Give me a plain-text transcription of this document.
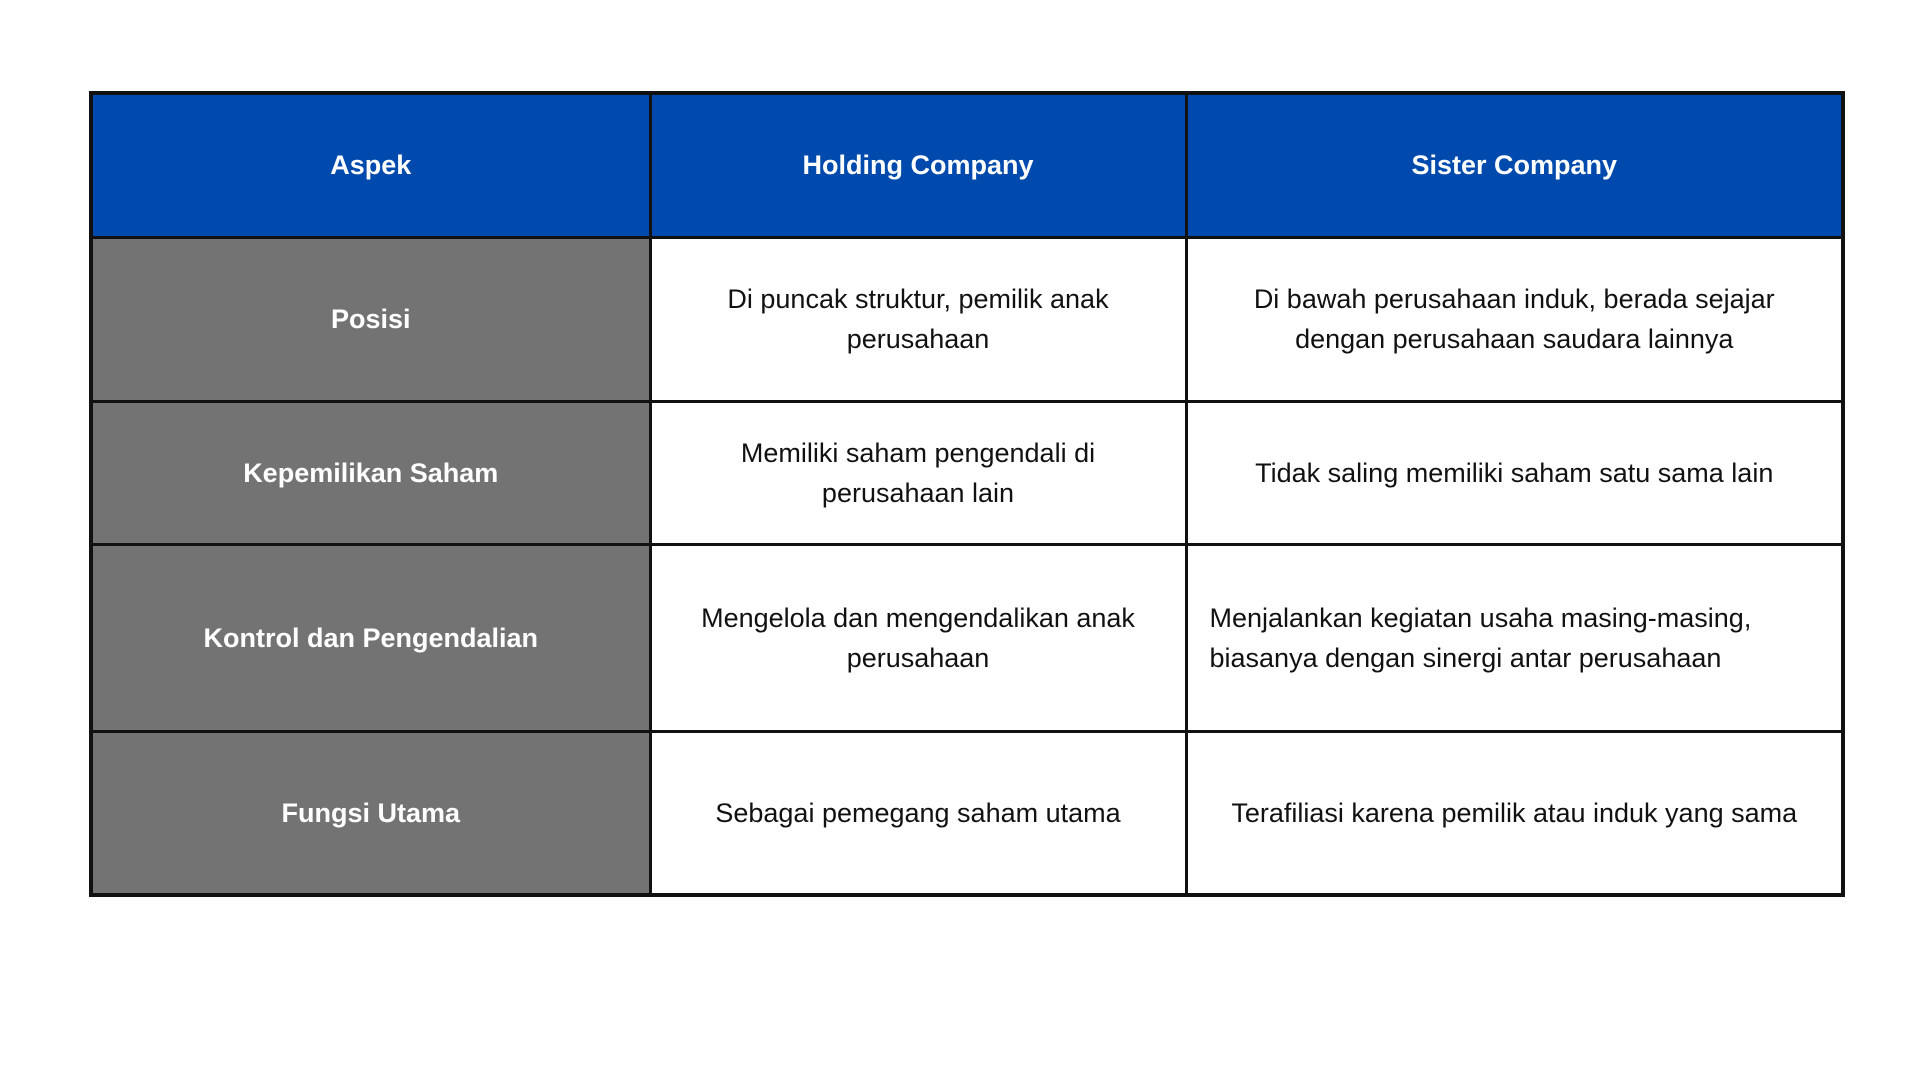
Aspek	Holding Company	Sister Company
Posisi	Di puncak struktur, pemilik anak perusahaan	Di bawah perusahaan induk, berada sejajar dengan perusahaan saudara lainnya
Kepemilikan Saham	Memiliki saham pengendali di perusahaan lain	Tidak saling memiliki saham satu sama lain
Kontrol dan Pengendalian	Mengelola dan mengendalikan anak perusahaan	Menjalankan kegiatan usaha masing-masing, biasanya dengan sinergi antar perusahaan
Fungsi Utama	Sebagai pemegang saham utama	Terafiliasi karena pemilik atau induk yang sama
